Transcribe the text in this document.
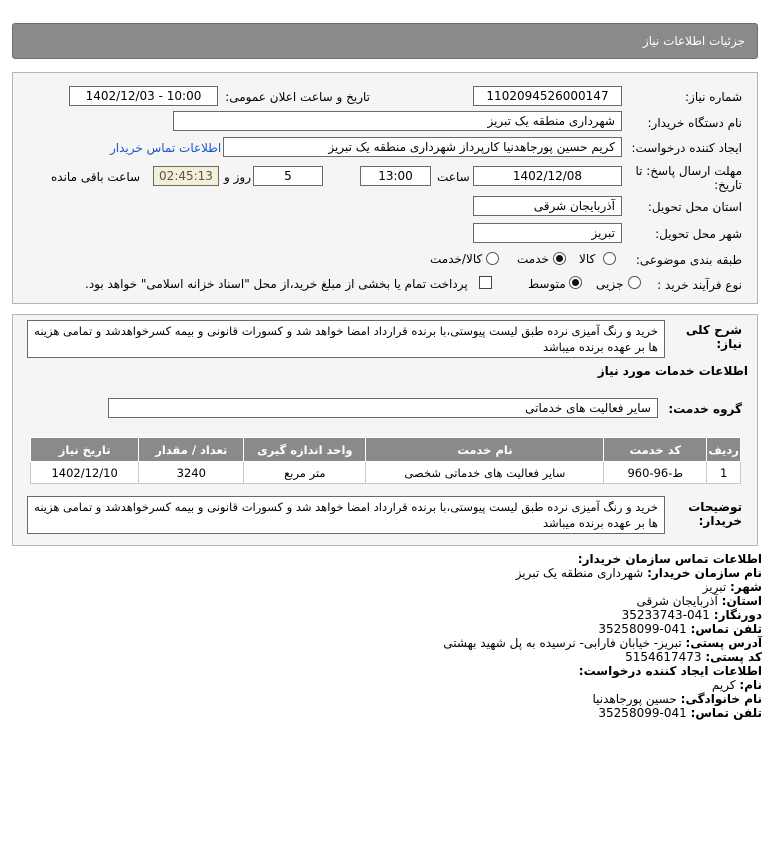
جزئیات اطلاعات نیاز
شماره نیاز:
1102094526000147
تاریخ و ساعت اعلان عمومی:
1402/12/03 - 10:00
نام دستگاه خریدار:
شهرداری منطقه یک تبریز
ایجاد کننده درخواست:
کریم حسین پورجاهدنیا کارپرداز شهرداری منطقه یک تبریز
اطلاعات تماس خریدار
مهلت ارسال پاسخ: تا تاریخ:
1402/12/08
ساعت
13:00
5
روز و
02:45:13
ساعت باقی مانده
استان محل تحویل:
آذربایجان شرقی
شهر محل تحویل:
تبریز
طبقه بندی موضوعی:
کالا
خدمت
کالا/خدمت
نوع فرآیند خرید :
جزیی
متوسط
پرداخت تمام یا بخشی از مبلغ خرید،از محل "اسناد خزانه اسلامی" خواهد بود.
شرح کلی نیاز:
خرید و رنگ آمیزی نرده طبق لیست پیوستی،با برنده قرارداد امضا خواهد شد و کسورات قانونی و بیمه کسرخواهدشد و تمامی هزینه ها بر عهده برنده میباشد
اطلاعات خدمات مورد نیاز
گروه خدمت:
سایر فعالیت های خدماتی
ردیف	کد خدمت	نام خدمت	واحد اندازه گیری	تعداد / مقدار	تاریخ نیاز
1	ط-96-960	سایر فعالیت های خدماتی شخصی	متر مربع	3240	1402/12/10
توضیحات خریدار:
خرید و رنگ آمیزی نرده طبق لیست پیوستی،با برنده قرارداد امضا خواهد شد و کسورات قانونی و بیمه کسرخواهدشد و تمامی هزینه ها بر عهده برنده میباشد
اطلاعات تماس سازمان خریدار:
نام سازمان خریدار: شهرداری منطقه یک تبریز
شهر: تبریز
استان: آذربایجان شرقی
دورنگار: 041-35233743
تلفن تماس: 041-35258099
آدرس پستی: تبریز- خیابان فارابی- نرسیده به پل شهید بهشتی
کد پستی: 5154617473
اطلاعات ایجاد کننده درخواست:
نام: کریم
نام خانوادگی: حسین پورجاهدنیا
تلفن تماس: 041-35258099
